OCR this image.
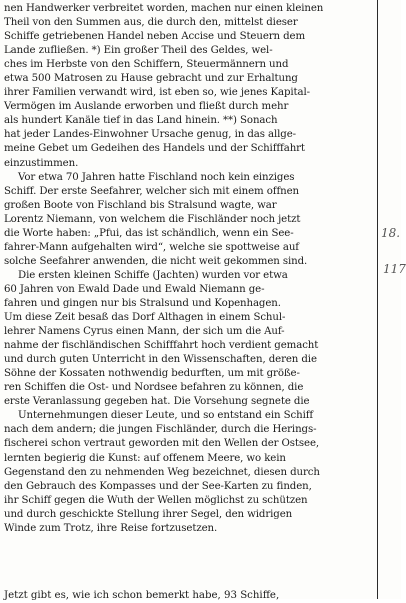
nen Handwerker verbreitet worden, machen nur einen kleinen
Theil von den Summen aus, die durch den, mittelst dieser
Schiffe getriebenen Handel neben Accise und Steuern dem
Lande zufließen. *) Ein großer Theil des Geldes, wel-
ches im Herbste von den Schiffern, Steuermännern und
etwa 500 Matrosen zu Hause gebracht und zur Erhaltung
ihrer Familien verwandt wird, ist eben so, wie jenes Kapital-
Vermögen im Auslande erworben und fließt durch mehr
als hundert Kanäle tief in das Land hinein. **) Sonach
hat jeder Landes-Einwohner Ursache genug, in das allge-
meine Gebet um Gedeihen des Handels und der Schifffahrt
einzustimmen.
Vor etwa 70 Jahren hatte Fischland noch kein einziges
Schiff. Der erste Seefahrer, welcher sich mit einem offnen
großen Boote von Fischland bis Stralsund wagte, war
Lorentz Niemann, von welchem die Fischländer noch jetzt
die Worte haben: „Pfui, das ist schändlich, wenn ein See-
fahrer-Mann aufgehalten wird“, welche sie spottweise auf
solche Seefahrer anwenden, die nicht weit gekommen sind.
Die ersten kleinen Schiffe (Jachten) wurden vor etwa
60 Jahren von Ewald Dade und Ewald Niemann ge-
fahren und gingen nur bis Stralsund und Kopenhagen.
Um diese Zeit besaß das Dorf Althagen in einem Schul-
lehrer Namens Cyrus einen Mann, der sich um die Auf-
nahme der fischländischen Schifffahrt hoch verdient gemacht
und durch guten Unterricht in den Wissenschaften, deren die
Söhne der Kossaten nothwendig bedurften, um mit größe-
ren Schiffen die Ost- und Nordsee befahren zu können, die
erste Veranlassung gegeben hat. Die Vorsehung segnete die
Unternehmungen dieser Leute, und so entstand ein Schiff
nach dem andern; die jungen Fischländer, durch die Herings-
fischerei schon vertraut geworden mit den Wellen der Ostsee,
lernten begierig die Kunst: auf offenem Meere, wo kein
Gegenstand den zu nehmenden Weg bezeichnet, diesen durch
den Gebrauch des Kompasses und der See-Karten zu finden,
ihr Schiff gegen die Wuth der Wellen möglichst zu schützen
und durch geschickte Stellung ihrer Segel, den widrigen
Winde zum Trotz, ihre Reise fortzusetzen.
Jetzt gibt es, wie ich schon bemerkt habe, 93 Schiffe,
18.
117
